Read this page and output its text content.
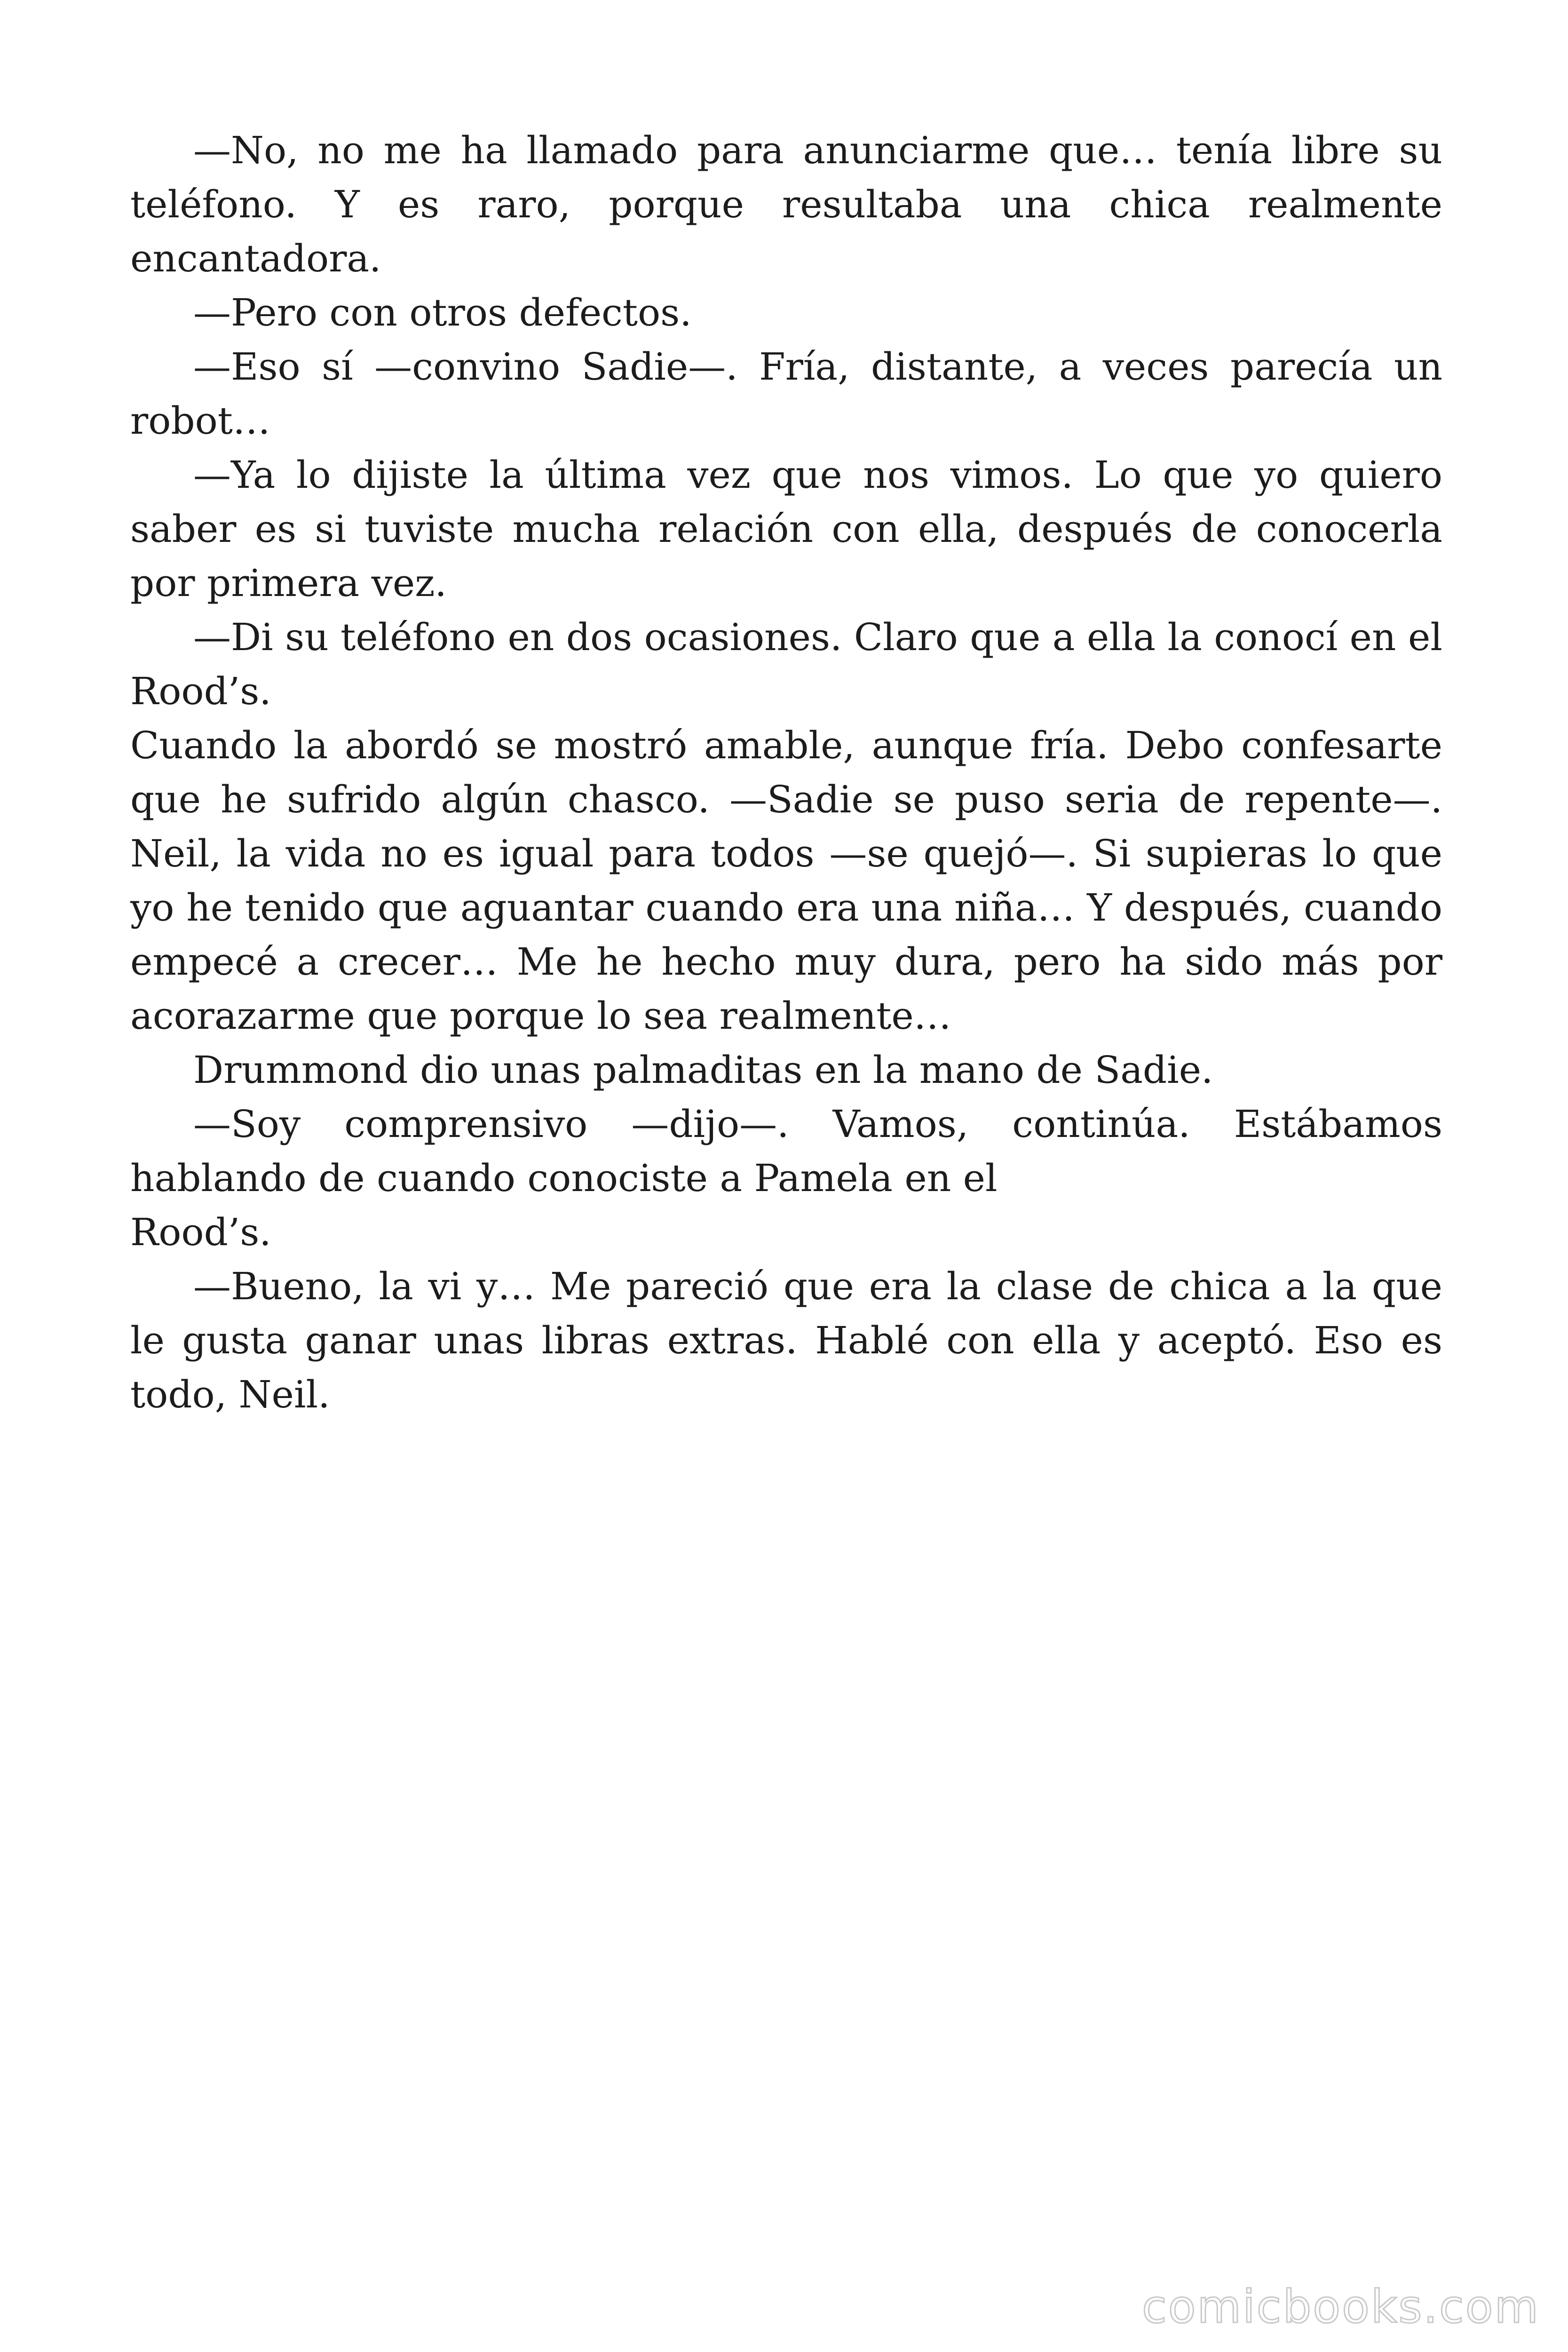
—No, no me ha llamado para anunciarme que… tenía libre su teléfono. Y es raro, porque resultaba una chica realmente encantadora.

—Pero con otros defectos.

—Eso sí —convino Sadie—. Fría, distante, a veces parecía un robot…

—Ya lo dijiste la última vez que nos vimos. Lo que yo quiero saber es si tuviste mucha relación con ella, después de conocerla por primera vez.

—Di su teléfono en dos ocasiones. Claro que a ella la conocí en el

Rood’s.

Cuando la abordó se mostró amable, aunque fría. Debo confesarte que he sufrido algún chasco. —Sadie se puso seria de repente—. Neil, la vida no es igual para todos —se quejó—. Si supieras lo que yo he tenido que aguantar cuando era una niña… Y después, cuando empecé a crecer… Me he hecho muy dura, pero ha sido más por acorazarme que porque lo sea realmente…

Drummond dio unas palmaditas en la mano de Sadie.

—Soy comprensivo —dijo—. Vamos, continúa. Estábamos hablando de cuando conociste a Pamela en el

Rood’s.

—Bueno, la vi y… Me pareció que era la clase de chica a la que le gusta ganar unas libras extras. Hablé con ella y aceptó. Eso es todo, Neil.

comicbooks.com
